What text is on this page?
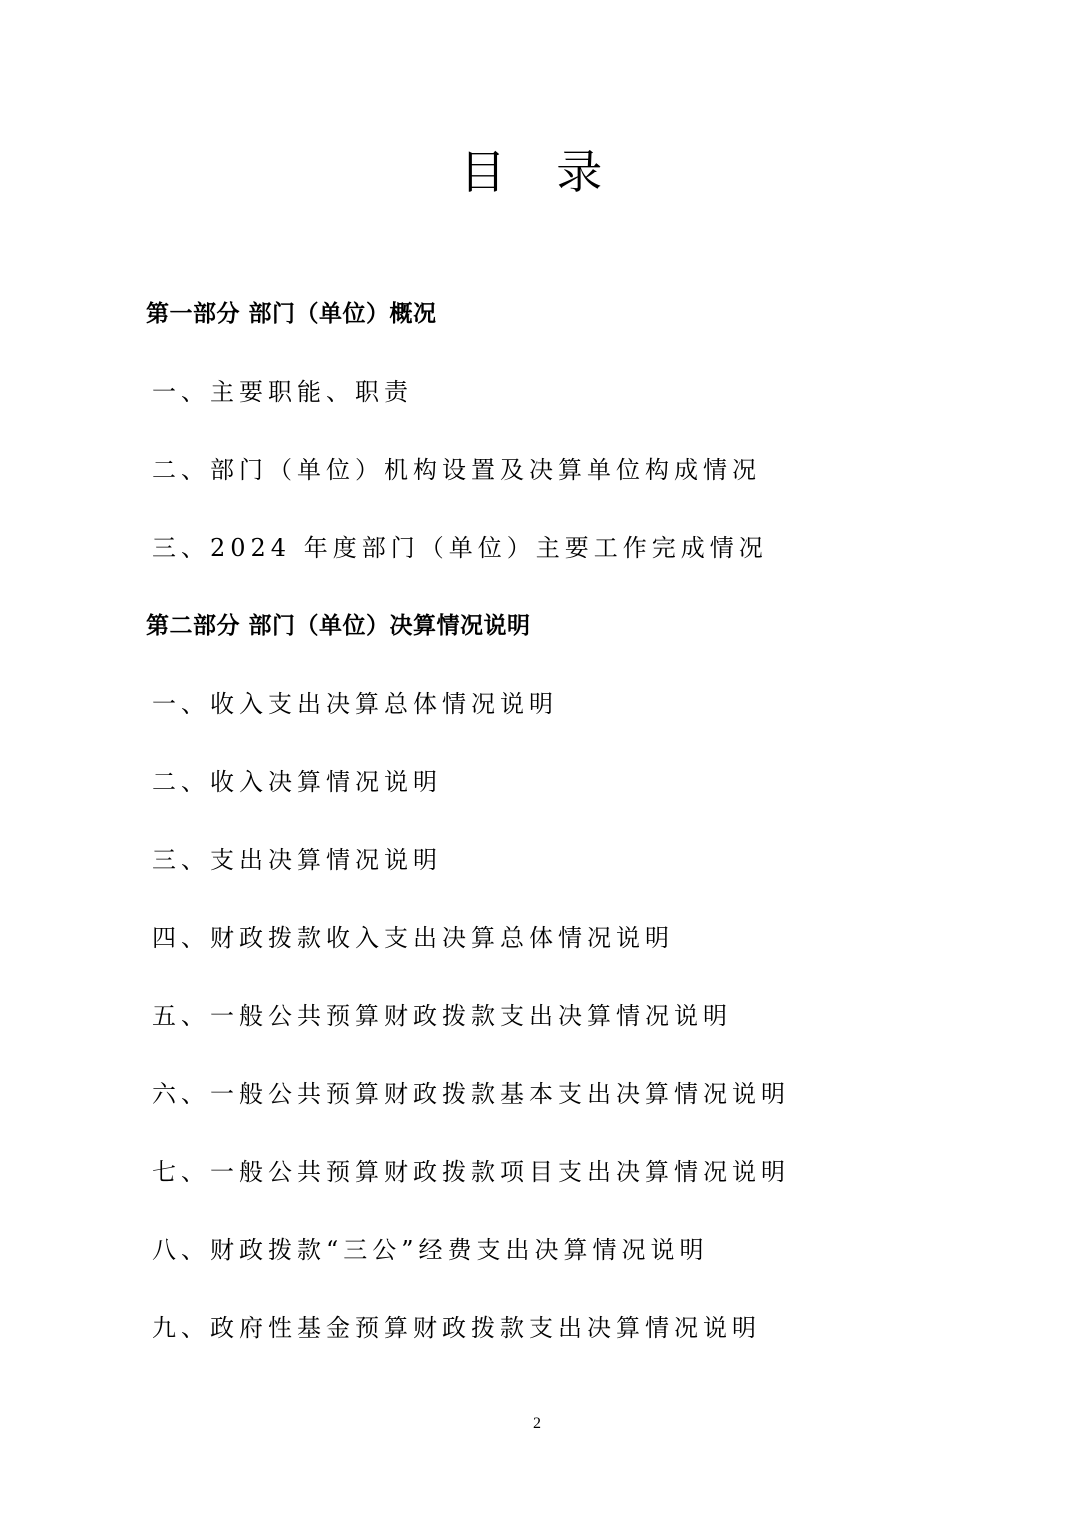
目 录
第一部分 部门（单位）概况
一、主要职能、职责
二、部门（单位）机构设置及决算单位构成情况
三、2024 年度部门（单位）主要工作完成情况
第二部分 部门（单位）决算情况说明
一、收入支出决算总体情况说明
二、收入决算情况说明
三、支出决算情况说明
四、财政拨款收入支出决算总体情况说明
五、一般公共预算财政拨款支出决算情况说明
六、一般公共预算财政拨款基本支出决算情况说明
七、一般公共预算财政拨款项目支出决算情况说明
八、财政拨款“三公”经费支出决算情况说明
九、政府性基金预算财政拨款支出决算情况说明
2
